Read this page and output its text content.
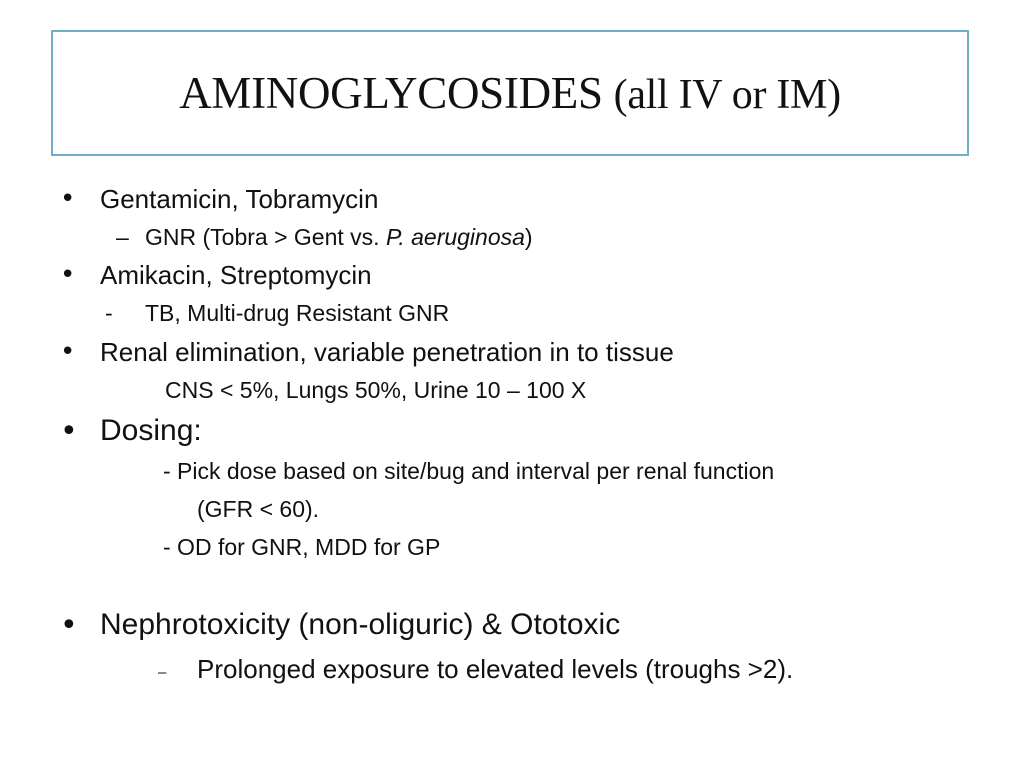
AMINOGLYCOSIDES (all IV or IM)
• Gentamicin, Tobramycin
– GNR (Tobra > Gent vs. P. aeruginosa)
• Amikacin, Streptomycin
- TB, Multi-drug Resistant GNR
• Renal elimination, variable penetration in to tissue
CNS < 5%, Lungs 50%, Urine 10 – 100 X
• Dosing:
- Pick dose based on site/bug and interval per renal function
(GFR < 60).
- OD for GNR, MDD for GP
• Nephrotoxicity (non-oliguric) & Ototoxic
– Prolonged exposure to elevated levels (troughs >2).
